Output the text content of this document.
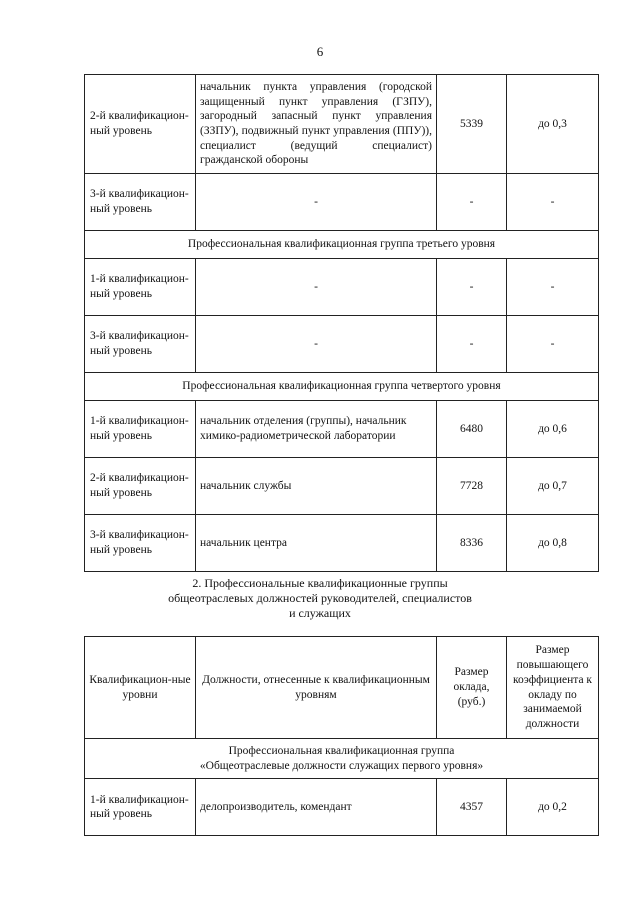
6
2-й квалификацион-ный уровень	начальник пункта управления (городской защищенный пункт управления (ГЗПУ), загородный запасный пункт управления (ЗЗПУ), подвижный пункт управления (ППУ)), специалист (ведущий специалист) гражданской обороны	5339	до 0,3
3-й квалификацион-ный уровень	-	-	-
Профессиональная квалификационная группа третьего уровня			
1-й квалификацион-ный уровень	-	-	-
3-й квалификацион-ный уровень	-	-	-
Профессиональная квалификационная группа четвертого уровня			
1-й квалификацион-ный уровень	начальник отделения (группы), начальник химико-радиометрической лаборатории	6480	до 0,6
2-й квалификацион-ный уровень	начальник службы	7728	до 0,7
3-й квалификацион-ный уровень	начальник центра	8336	до 0,8
2. Профессиональные квалификационные группы
общеотраслевых должностей руководителей, специалистов
и служащих
Квалификацион-ные уровни	Должности, отнесенные к квалификационным уровням	Размер оклада, (руб.)	Размер повышающего коэффициента к окладу по занимаемой должности

Профессиональная квалификационная группа
«Общеотраслевые должности служащих первого уровня»			

1-й квалификацион-ный уровень	делопроизводитель, комендант	4357	до 0,2
